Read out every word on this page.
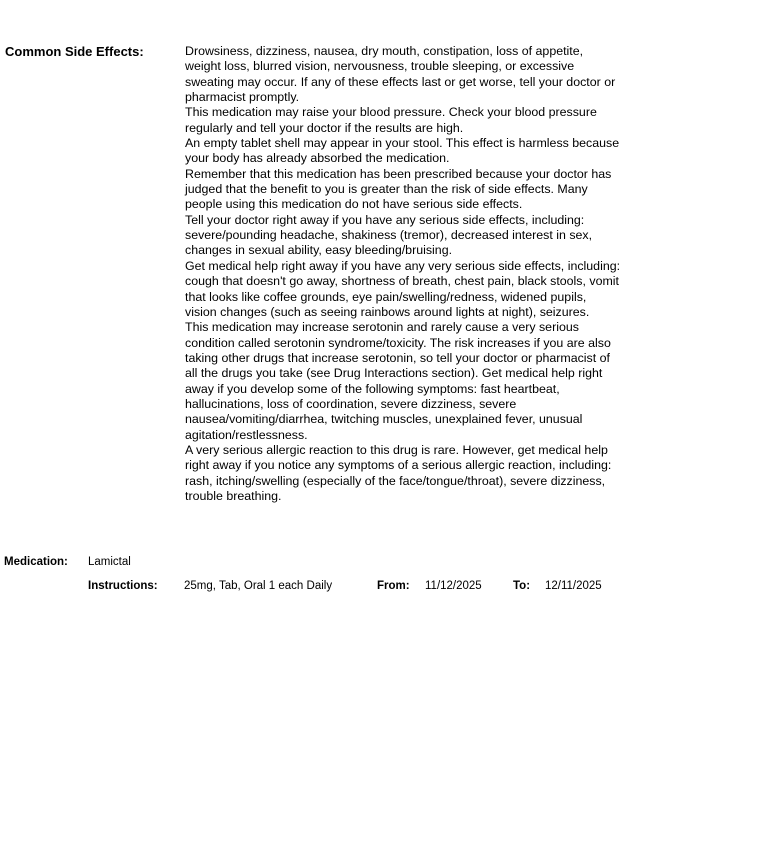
Common Side Effects:	Drowsiness, dizziness, nausea, dry mouth, constipation, loss of appetite, weight loss, blurred vision, nervousness, trouble sleeping, or excessive sweating may occur. If any of these effects last or get worse, tell your doctor or pharmacist promptly.

This medication may raise your blood pressure. Check your blood pressure regularly and tell your doctor if the results are high.

An empty tablet shell may appear in your stool. This effect is harmless because your body has already absorbed the medication.

Remember that this medication has been prescribed because your doctor has judged that the benefit to you is greater than the risk of side effects. Many people using this medication do not have serious side effects.

Tell your doctor right away if you have any serious side effects, including: severe/pounding headache, shakiness (tremor), decreased interest in sex, changes in sexual ability, easy bleeding/bruising.

Get medical help right away if you have any very serious side effects, including: cough that doesn't go away, shortness of breath, chest pain, black stools, vomit that looks like coffee grounds, eye pain/swelling/redness, widened pupils, vision changes (such as seeing rainbows around lights at night), seizures.

This medication may increase serotonin and rarely cause a very serious condition called serotonin syndrome/toxicity. The risk increases if you are also taking other drugs that increase serotonin, so tell your doctor or pharmacist of all the drugs you take (see Drug Interactions section). Get medical help right away if you develop some of the following symptoms: fast heartbeat, hallucinations, loss of coordination, severe dizziness, severe nausea/vomiting/diarrhea, twitching muscles, unexplained fever, unusual agitation/restlessness.

A very serious allergic reaction to this drug is rare. However, get medical help right away if you notice any symptoms of a serious allergic reaction, including: rash, itching/swelling (especially of the face/tongue/throat), severe dizziness, trouble breathing.

Medication: Lamictal
Instructions: 25mg, Tab, Oral 1 each Daily	From: 11/12/2025	To: 12/11/2025
